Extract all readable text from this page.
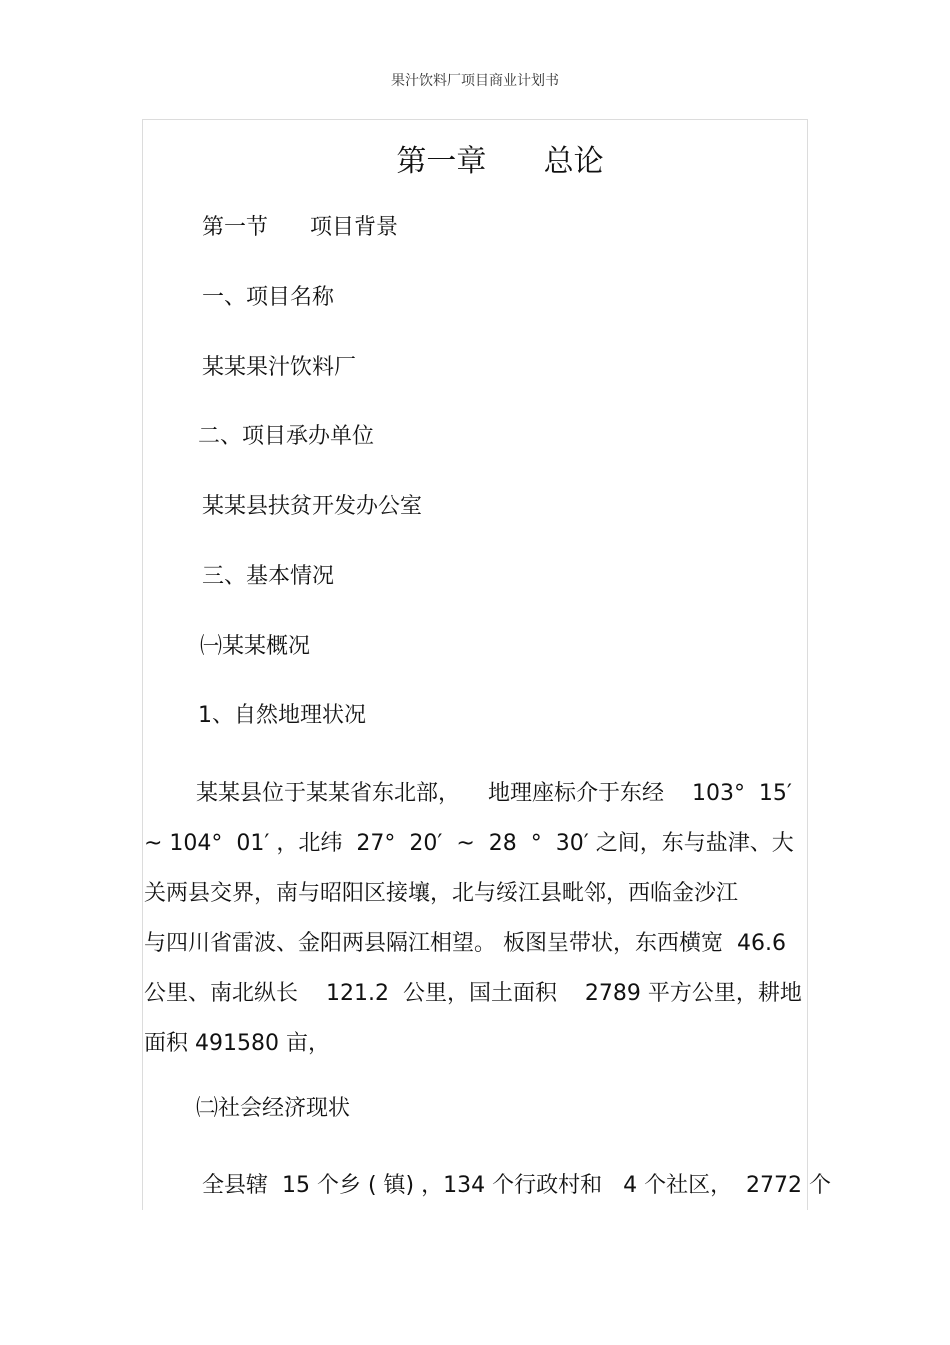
果汁饮料厂项目商业计划书
第一章      总论
第一节      项目背景
一、项目名称
某某果汁饮料厂
二、项目承办单位
某某县扶贫开发办公室
三、基本情况
㈠某某概况
1、自然地理状况
某某县位于某某省东北部，    地理座标介于东经    103°  15′
~ 104°  01′ ，北纬  27°  20′  ~  28  °  30′ 之间，东与盐津、大
关两县交界，南与昭阳区接壤，北与绥江县毗邻，西临金沙江
与四川省雷波、金阳两县隔江相望。 板图呈带状，东西横宽  46.6
公里、南北纵长    121.2  公里，国土面积    2789 平方公里，耕地
面积 491580 亩，
㈡社会经济现状
全县辖  15 个乡 ( 镇) ，134 个行政村和   4 个社区，  2772 个
